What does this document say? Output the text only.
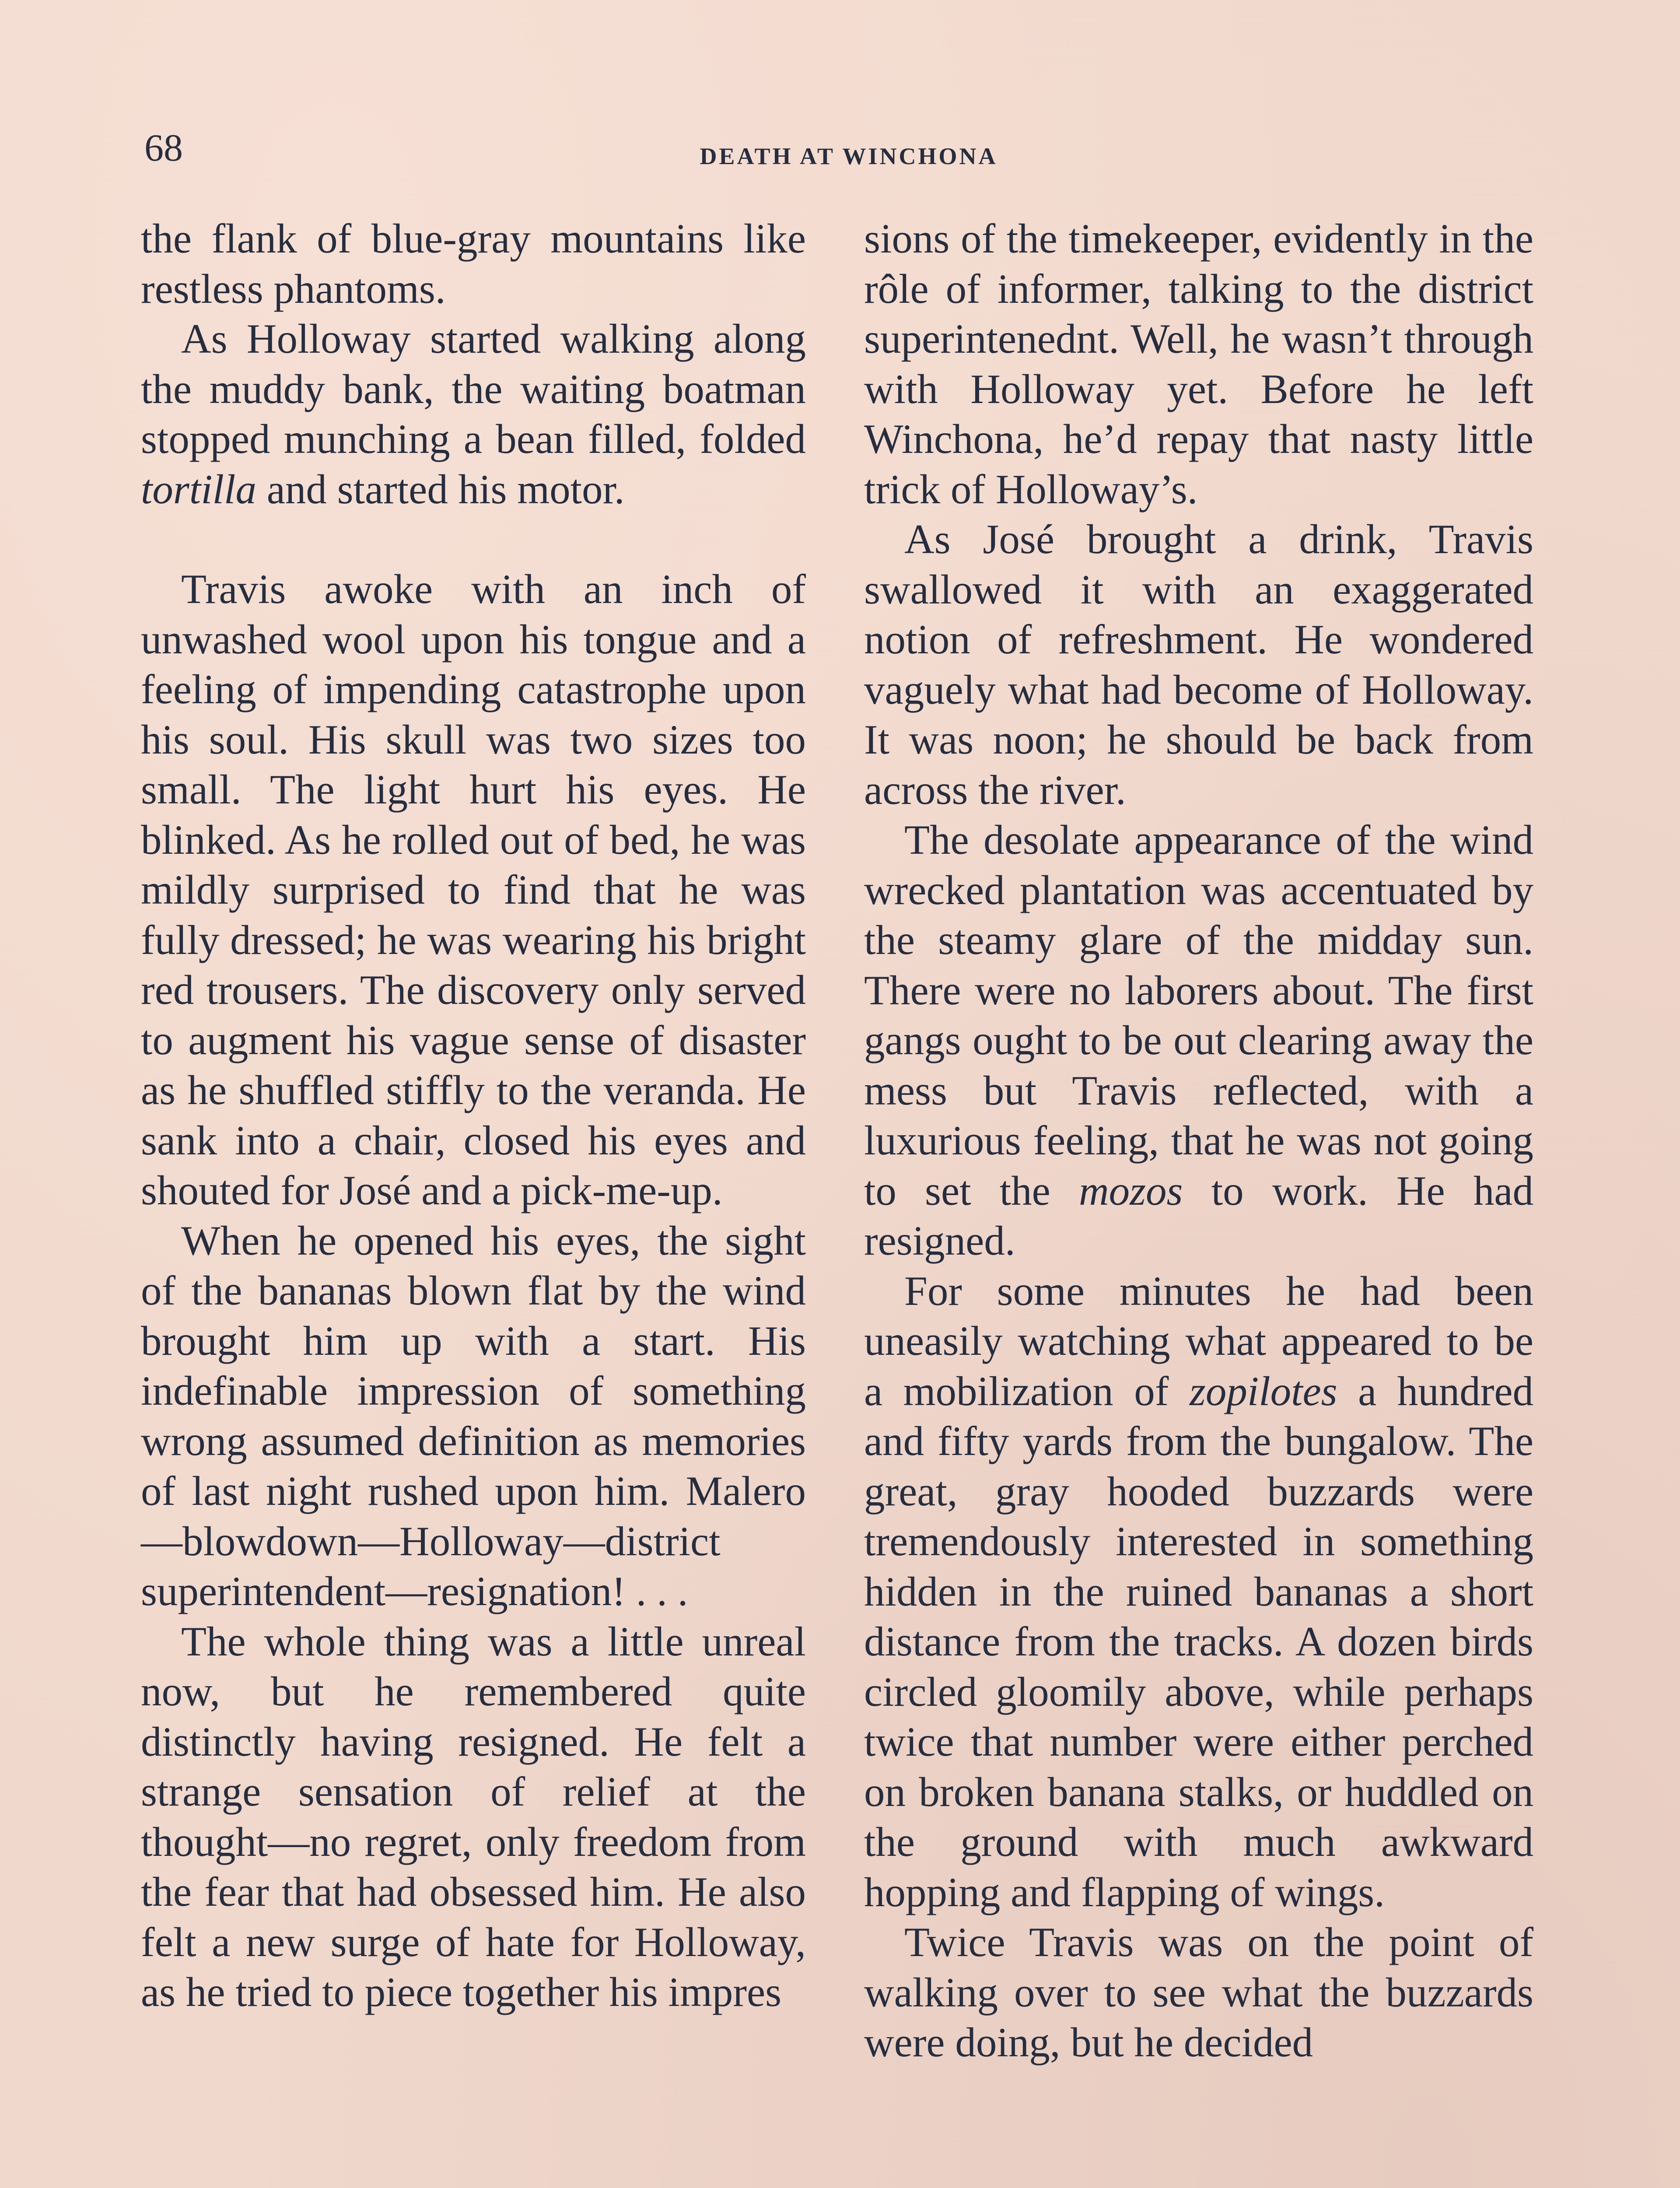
68	DEATH AT WINCHONA

the flank of blue-gray mountains like restless phantoms.

As Holloway started walking along the muddy bank, the waiting boatman stopped munching a bean filled, folded tortilla and started his motor.

Travis awoke with an inch of unwashed wool upon his tongue and a feeling of impending catastrophe upon his soul. His skull was two sizes too small. The light hurt his eyes. He blinked. As he rolled out of bed, he was mildly surprised to find that he was fully dressed; he was wearing his bright red trousers. The discovery only served to augment his vague sense of disaster as he shuffled stiffly to the veranda. He sank into a chair, closed his eyes and shouted for José and a pick-me-up.

When he opened his eyes, the sight of the bananas blown flat by the wind brought him up with a start. His indefinable impression of something wrong assumed definition as memories of last night rushed upon him. Malero—blowdown—Holloway—district superintendent—resignation! . . .

The whole thing was a little unreal now, but he remembered quite distinctly having resigned. He felt a strange sensation of relief at the thought—no regret, only freedom from the fear that had obsessed him. He also felt a new surge of hate for Holloway, as he tried to piece together his impres

sions of the timekeeper, evidently in the rôle of informer, talking to the district superintenednt. Well, he wasn’t through with Holloway yet. Before he left Winchona, he’d repay that nasty little trick of Holloway’s.

As José brought a drink, Travis swallowed it with an exaggerated notion of refreshment. He wondered vaguely what had become of Holloway. It was noon; he should be back from across the river.

The desolate appearance of the wind wrecked plantation was accentuated by the steamy glare of the midday sun. There were no laborers about. The first gangs ought to be out clearing away the mess but Travis reflected, with a luxurious feeling, that he was not going to set the mozos to work. He had resigned.

For some minutes he had been uneasily watching what appeared to be a mobilization of zopilotes a hundred and fifty yards from the bungalow. The great, gray hooded buzzards were tremendously interested in something hidden in the ruined bananas a short distance from the tracks. A dozen birds circled gloomily above, while perhaps twice that number were either perched on broken banana stalks, or huddled on the ground with much awkward hopping and flapping of wings.

Twice Travis was on the point of walking over to see what the buzzards were doing, but he decided
